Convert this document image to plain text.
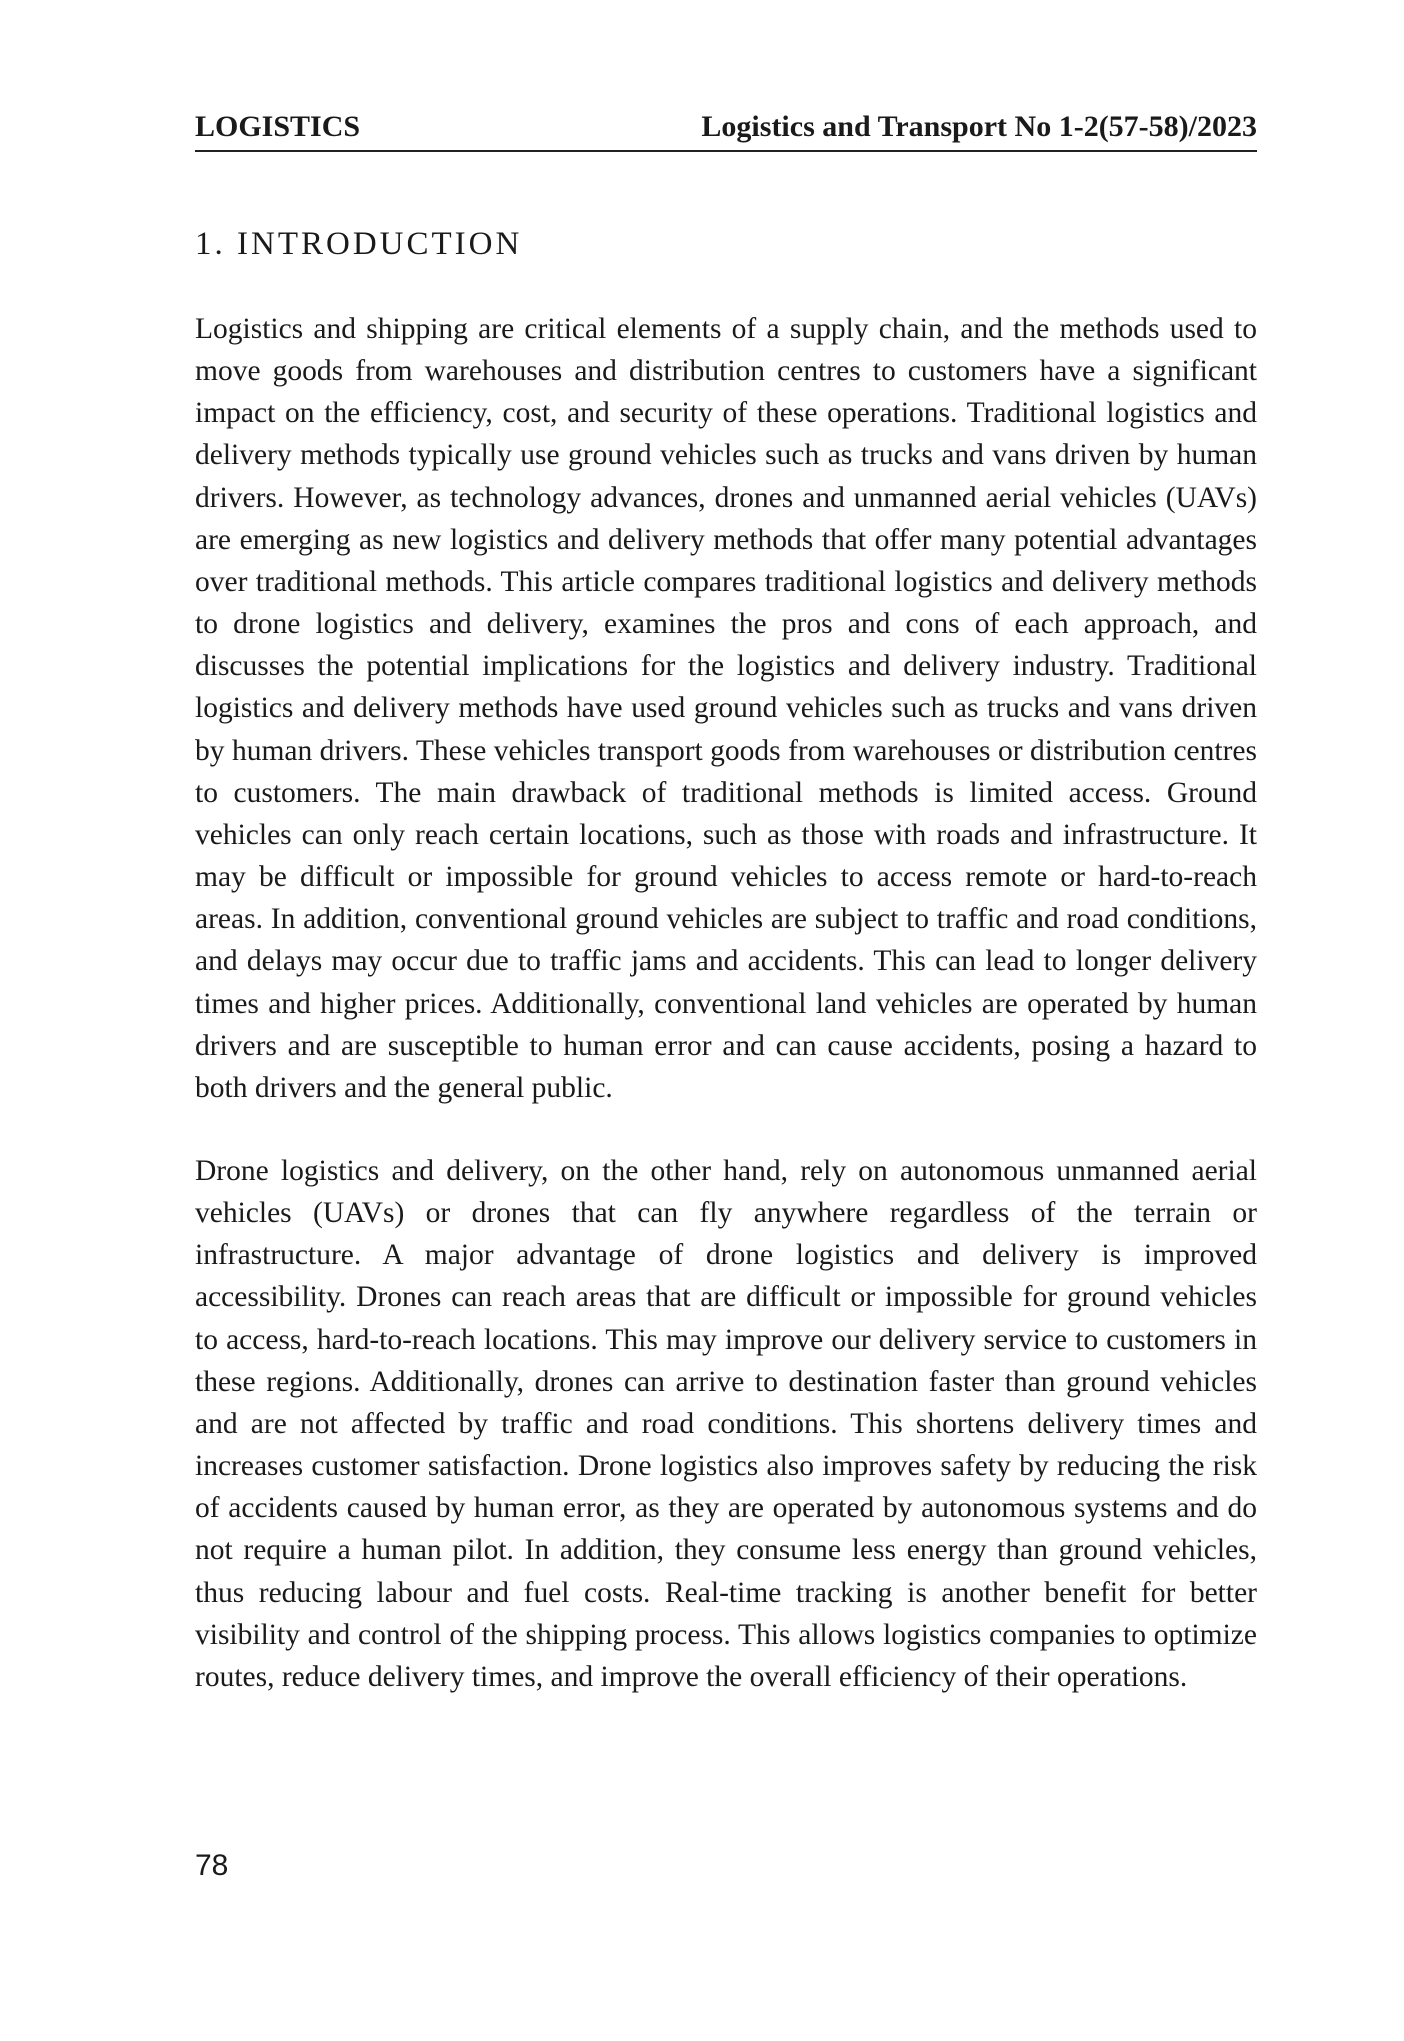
LOGISTICS	Logistics and Transport No 1-2(57-58)/2023
1. INTRODUCTION

Logistics and shipping are critical elements of a supply chain, and the methods used to move goods from warehouses and distribution centres to customers have a significant impact on the efficiency, cost, and security of these operations. Traditional logistics and delivery methods typically use ground vehicles such as trucks and vans driven by human drivers. However, as technology advances, drones and unmanned aerial vehicles (UAVs) are emerging as new logistics and delivery methods that offer many potential advantages over traditional methods. This article compares traditional logistics and delivery methods to drone logistics and delivery, examines the pros and cons of each approach, and discusses the potential implications for the logistics and delivery industry. Traditional logistics and delivery methods have used ground vehicles such as trucks and vans driven by human drivers. These vehicles transport goods from warehouses or distribution centres to customers. The main drawback of traditional methods is limited access. Ground vehicles can only reach certain locations, such as those with roads and infrastructure. It may be difficult or impossible for ground vehicles to access remote or hard-to-reach areas. In addition, conventional ground vehicles are subject to traffic and road conditions, and delays may occur due to traffic jams and accidents. This can lead to longer delivery times and higher prices. Additionally, conventional land vehicles are operated by human drivers and are susceptible to human error and can cause accidents, posing a hazard to both drivers and the general public.

Drone logistics and delivery, on the other hand, rely on autonomous unmanned aerial vehicles (UAVs) or drones that can fly anywhere regardless of the terrain or infrastructure. A major advantage of drone logistics and delivery is improved accessibility. Drones can reach areas that are difficult or impossible for ground vehicles to access, hard-to-reach locations. This may improve our delivery service to customers in these regions. Additionally, drones can arrive to destination faster than ground vehicles and are not affected by traffic and road conditions. This shortens delivery times and increases customer satisfaction. Drone logistics also improves safety by reducing the risk of accidents caused by human error, as they are operated by autonomous systems and do not require a human pilot. In addition, they consume less energy than ground vehicles, thus reducing labour and fuel costs. Real-time tracking is another benefit for better visibility and control of the shipping process. This allows logistics companies to optimize routes, reduce delivery times, and improve the overall efficiency of their operations.

78
